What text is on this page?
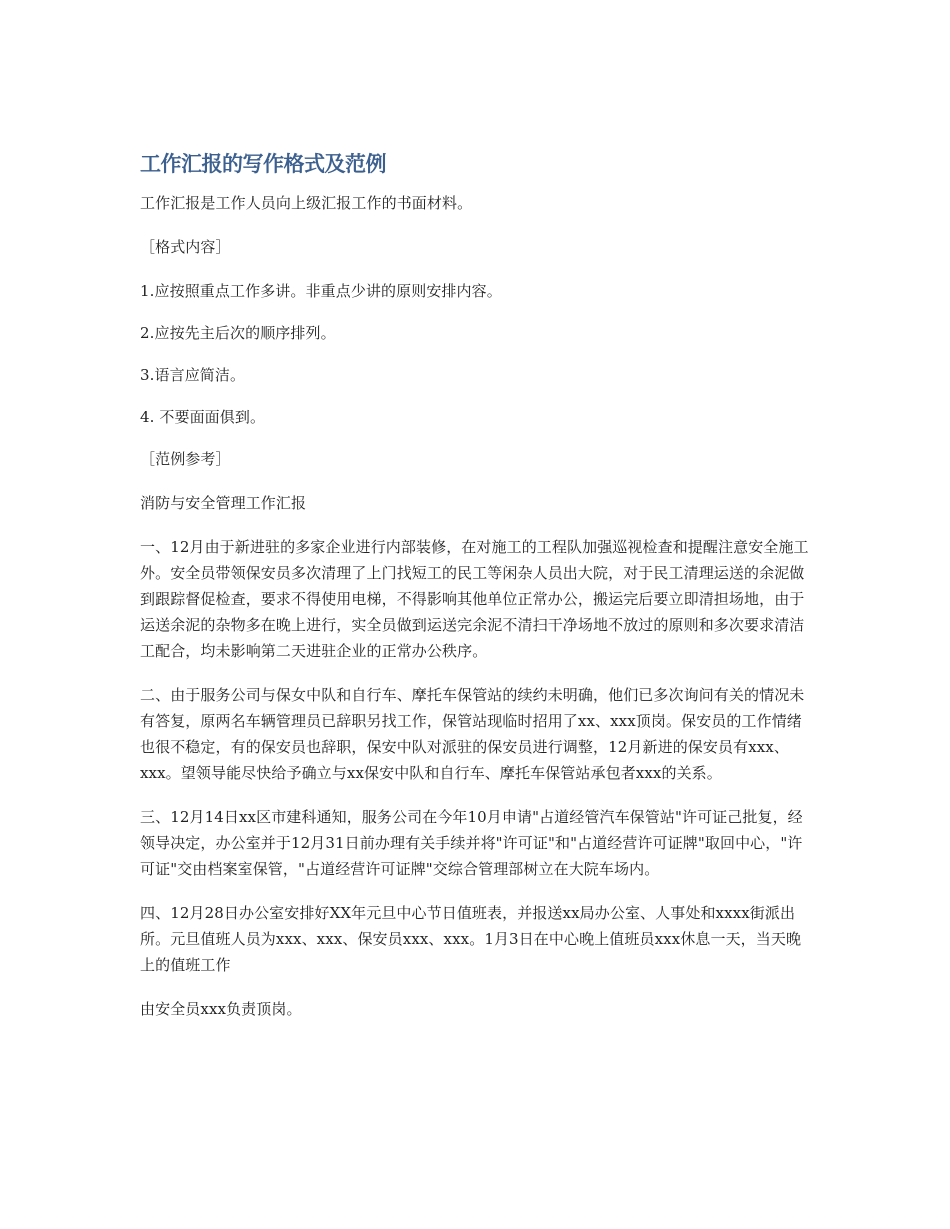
工作汇报的写作格式及范例

工作汇报是工作人员向上级汇报工作的书面材料。

［格式内容］

1.应按照重点工作多讲。非重点少讲的原则安排内容。

2.应按先主后次的顺序排列。

3.语言应简洁。

4. 不要面面俱到。

［范例参考］

消防与安全管理工作汇报

一、12月由于新进驻的多家企业进行内部装修，在对施工的工程队加强巡视检查和提醒注意安全施工外。安全员带领保安员多次清理了上门找短工的民工等闲杂人员出大院，对于民工清理运送的余泥做到跟踪督促检查，要求不得使用电梯，不得影响其他单位正常办公，搬运完后要立即清担场地，由于运送余泥的杂物多在晚上进行，实全员做到运送完余泥不清扫干净场地不放过的原则和多次要求清洁工配合，均未影响第二天进驻企业的正常办公秩序。

二、由于服务公司与保女中队和自行车、摩托车保管站的续约未明确，他们已多次询问有关的情况未有答复，原两名车辆管理员已辞职另找工作，保管站现临时招用了xx、xxx顶岗。保安员的工作情绪也很不稳定，有的保安员也辞职，保安中队对派驻的保安员进行调整，12月新进的保安员有xxx、xxx。望领导能尽快给予确立与xx保安中队和自行车、摩托车保管站承包者xxx的关系。

三、12月14日xx区市建科通知，服务公司在今年10月申请"占道经管汽车保管站"许可证己批复，经领导决定，办公室并于12月31日前办理有关手续并将"许可证"和"占道经营许可证牌"取回中心，"许可证"交由档案室保管，"占道经营许可证牌"交综合管理部树立在大院车场内。

四、12月28日办公室安排好XX年元旦中心节日值班表，并报送xx局办公室、人事处和xxxx街派出所。元旦值班人员为xxx、xxx、保安员xxx、xxx。1月3日在中心晚上值班员xxx休息一天，当天晚上的值班工作

由安全员xxx负责顶岗。
